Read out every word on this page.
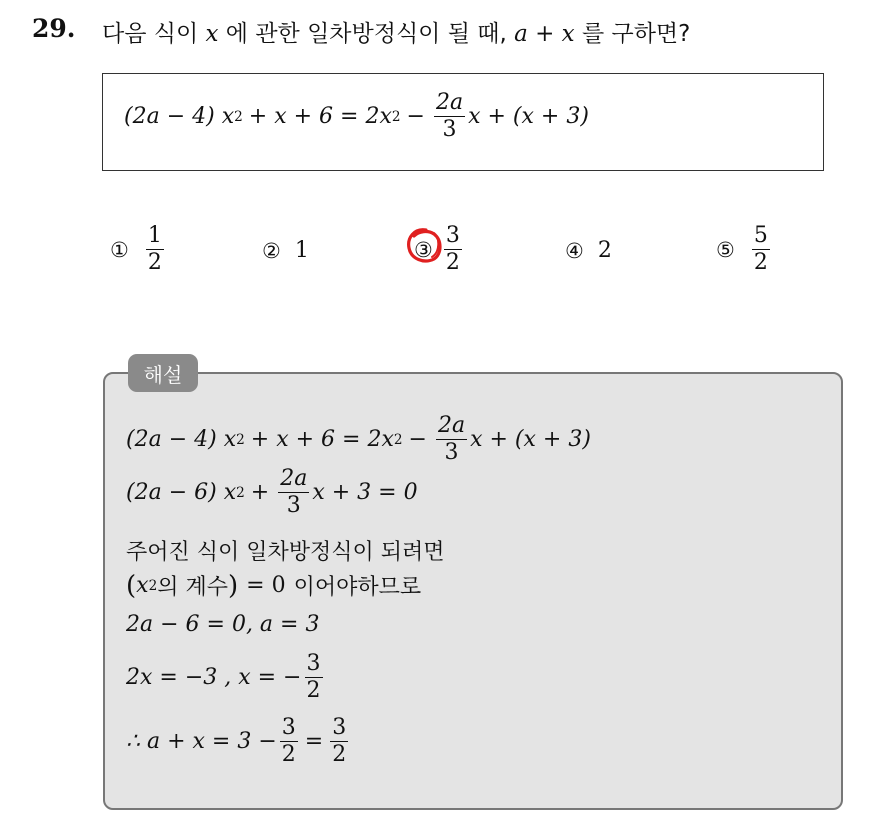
29. 다음 식이 x 에 관한 일차방정식이 될 때, a + x 를 구하면?
(2a − 4) x 2 + x + 6 = 2x $2 - \frac{2a}{3}$ x + (x + 3)
① $\frac{1}{2}$	② 1	③ $\frac{3}{2}$	④ 2	⑤ $\frac{5}{2}$
해설
(2a − 4) x 2 + x + 6 = 2x $2 - \frac{2a}{3}$ x + (x + 3)
(2a − 6) x $2 + \frac{2a}{3}$ x + 3 = 0
주어진 식이 일차방정식이 되려면
( x 2 의 계수 ) = 0 이어야하므로
2a − 6 = 0, a = 3
2x = −3 , x = − $\frac{3}{2}$
∴ $a + x = 3 - \frac{3}{2} = \frac{3}{2}$
